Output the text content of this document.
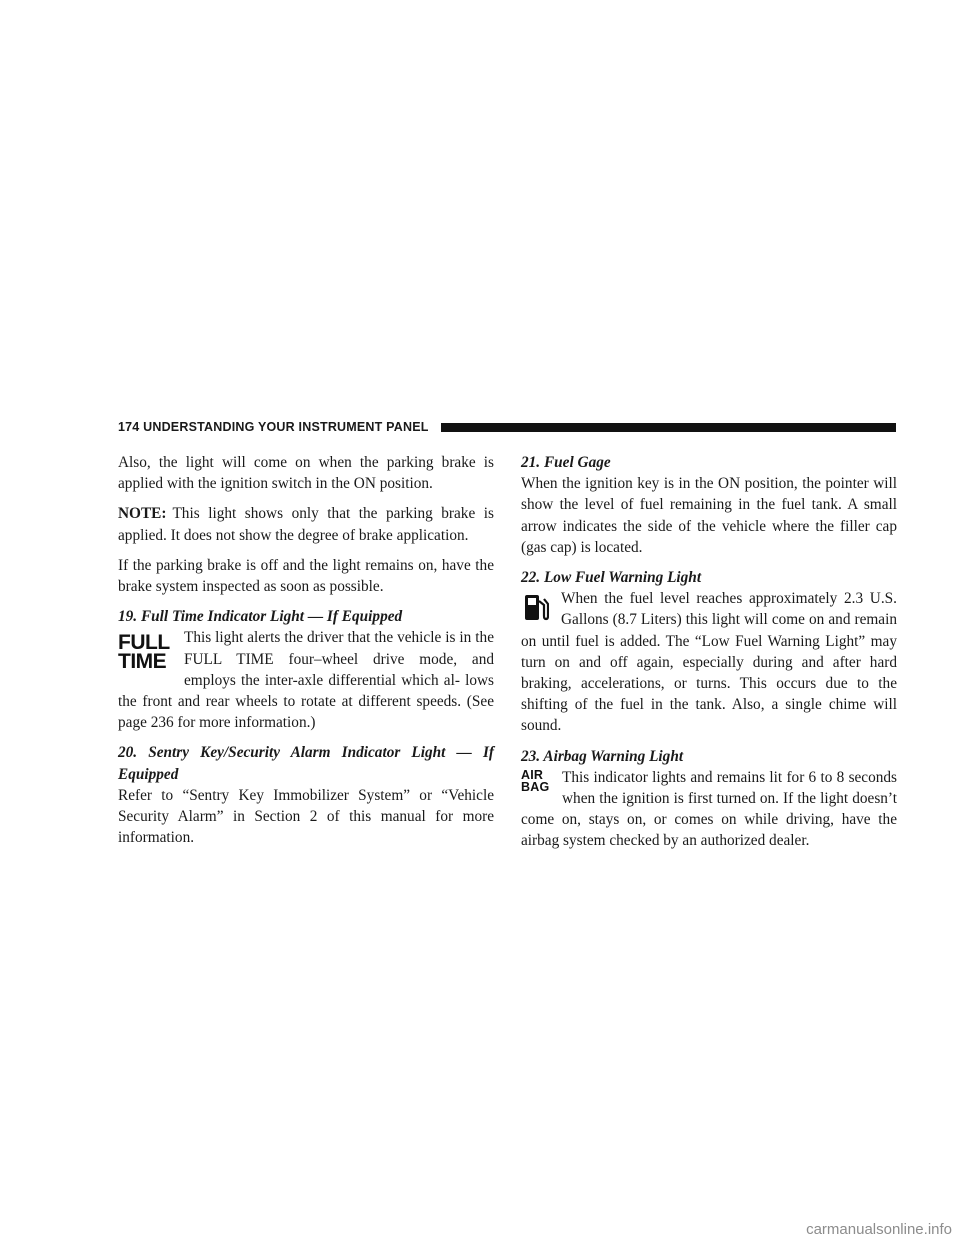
174 UNDERSTANDING YOUR INSTRUMENT PANEL

Also, the light will come on when the parking brake is applied with the ignition switch in the ON position.

NOTE: This light shows only that the parking brake is applied. It does not show the degree of brake application.

If the parking brake is off and the light remains on, have the brake system inspected as soon as possible.

19. Full Time Indicator Light — If Equipped

FULL
TIME
This light alerts the driver that the vehicle is in the FULL TIME four–wheel drive mode, and employs the inter-axle differential which al- lows the front and rear wheels to rotate at different speeds. (See page 236 for more information.)

20. Sentry Key/Security Alarm Indicator Light — If Equipped

Refer to “Sentry Key Immobilizer System” or “Vehicle Security Alarm” in Section 2 of this manual for more information.

21. Fuel Gage

When the ignition key is in the ON position, the pointer will show the level of fuel remaining in the fuel tank. A small arrow indicates the side of the vehicle where the filler cap (gas cap) is located.

22. Low Fuel Warning Light

When the fuel level reaches approximately 2.3 U.S. Gallons (8.7 Liters) this light will come on and remain on until fuel is added. The “Low Fuel Warning Light” may turn on and off again, especially during and after hard braking, accelerations, or turns. This occurs due to the shifting of the fuel in the tank. Also, a single chime will sound.

23. Airbag Warning Light

AIR
BAG
This indicator lights and remains lit for 6 to 8 seconds when the ignition is first turned on. If the light doesn’t come on, stays on, or comes on while driving, have the airbag system checked by an authorized dealer.

carmanualsonline.info
